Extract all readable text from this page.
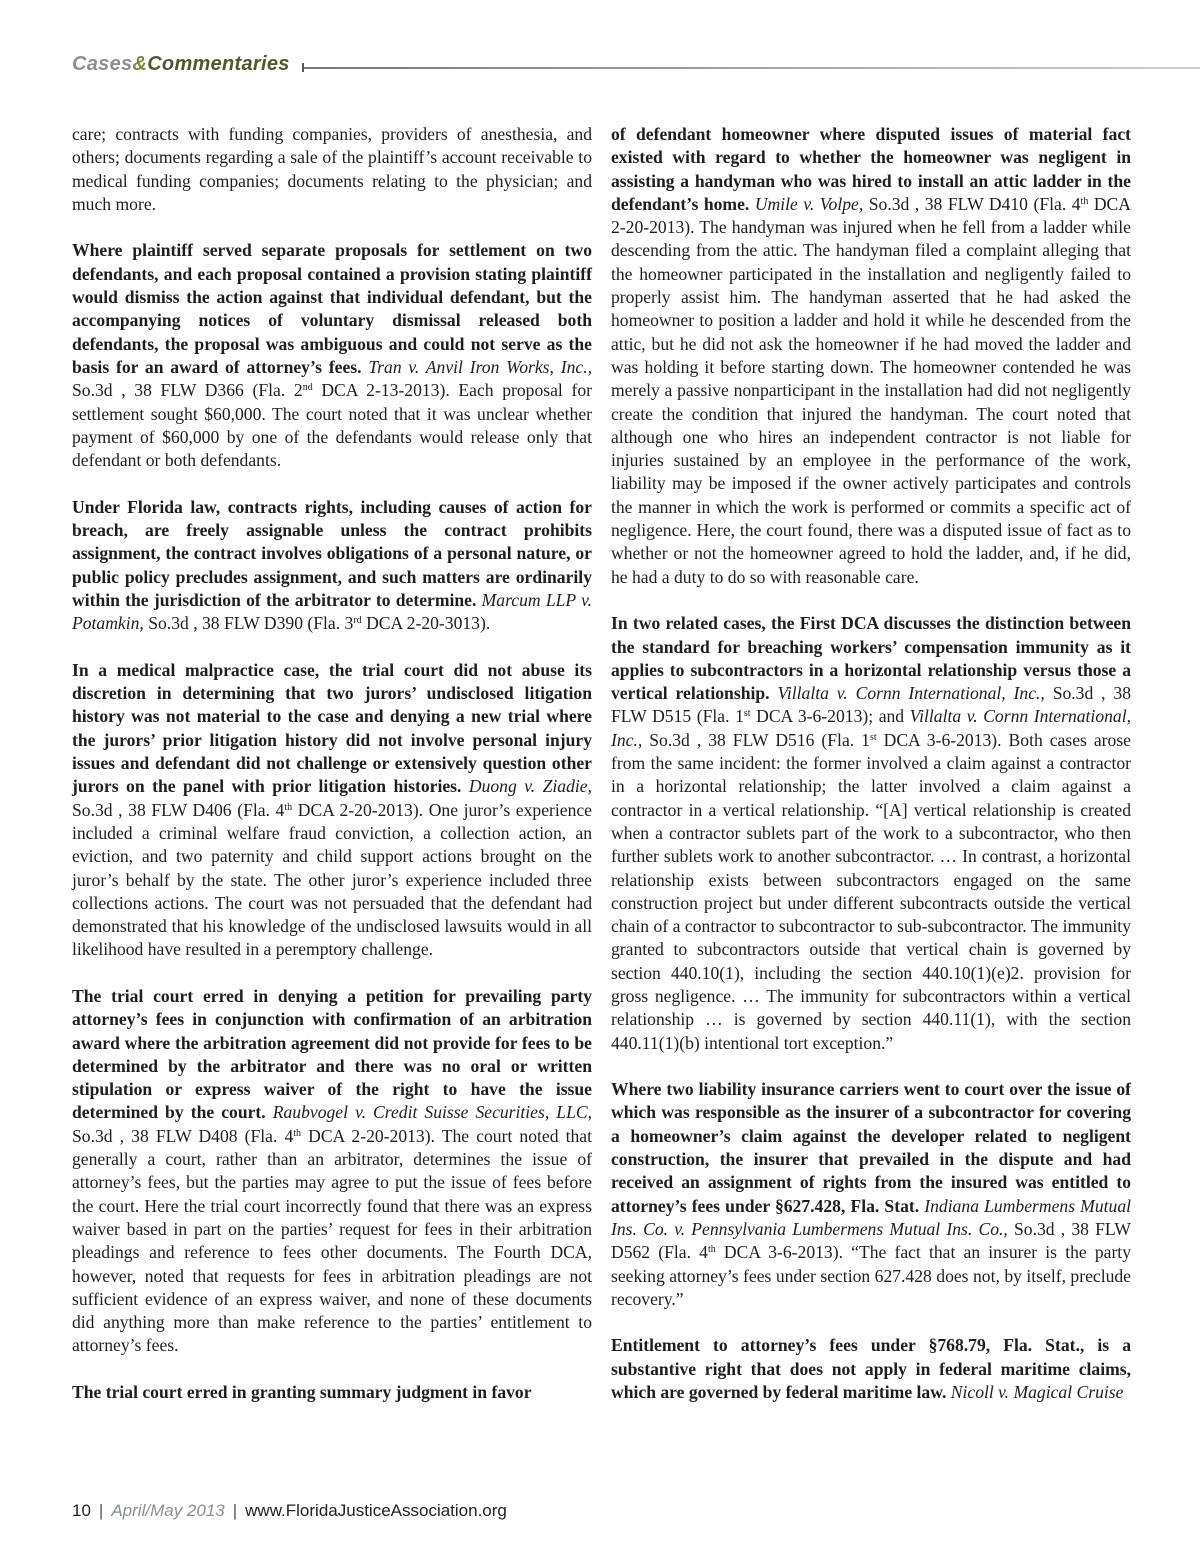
Cases&Commentaries

care; contracts with funding companies, providers of anesthesia, and others; documents regarding a sale of the plaintiff’s account receivable to medical funding companies; documents relating to the physician; and much more.

Where plaintiff served separate proposals for settlement on two defendants, and each proposal contained a provision stating plaintiff would dismiss the action against that individual defendant, but the accompanying notices of voluntary dismissal released both defendants, the proposal was ambiguous and could not serve as the basis for an award of attorney’s fees. Tran v. Anvil Iron Works, Inc., So.3d , 38 FLW D366 (Fla. 2nd DCA 2-13-2013). Each proposal for settlement sought $60,000. The court noted that it was unclear whether payment of $60,000 by one of the defendants would release only that defendant or both defendants.

Under Florida law, contracts rights, including causes of action for breach, are freely assignable unless the contract prohibits assignment, the contract involves obligations of a personal nature, or public policy precludes assignment, and such matters are ordinarily within the jurisdiction of the arbitrator to determine. Marcum LLP v. Potamkin, So.3d , 38 FLW D390 (Fla. 3rd DCA 2-20-3013).

In a medical malpractice case, the trial court did not abuse its discretion in determining that two jurors’ undisclosed litigation history was not material to the case and denying a new trial where the jurors’ prior litigation history did not involve personal injury issues and defendant did not challenge or extensively question other jurors on the panel with prior litigation histories. Duong v. Ziadie, So.3d , 38 FLW D406 (Fla. 4th DCA 2-20-2013). One juror’s experience included a criminal welfare fraud conviction, a collection action, an eviction, and two paternity and child support actions brought on the juror’s behalf by the state. The other juror’s experience included three collections actions. The court was not persuaded that the defendant had demonstrated that his knowledge of the undisclosed lawsuits would in all likelihood have resulted in a peremptory challenge.

The trial court erred in denying a petition for prevailing party attorney’s fees in conjunction with confirmation of an arbitration award where the arbitration agreement did not provide for fees to be determined by the arbitrator and there was no oral or written stipulation or express waiver of the right to have the issue determined by the court. Raubvogel v. Credit Suisse Securities, LLC, So.3d , 38 FLW D408 (Fla. 4th DCA 2-20-2013). The court noted that generally a court, rather than an arbitrator, determines the issue of attorney’s fees, but the parties may agree to put the issue of fees before the court. Here the trial court incorrectly found that there was an express waiver based in part on the parties’ request for fees in their arbitration pleadings and reference to fees other documents. The Fourth DCA, however, noted that requests for fees in arbitration pleadings are not sufficient evidence of an express waiver, and none of these documents did anything more than make reference to the parties’ entitlement to attorney’s fees.

The trial court erred in granting summary judgment in favor

of defendant homeowner where disputed issues of material fact existed with regard to whether the homeowner was negligent in assisting a handyman who was hired to install an attic ladder in the defendant’s home. Umile v. Volpe, So.3d , 38 FLW D410 (Fla. 4th DCA 2-20-2013). The handyman was injured when he fell from a ladder while descending from the attic. The handyman filed a complaint alleging that the homeowner participated in the installation and negligently failed to properly assist him. The handyman asserted that he had asked the homeowner to position a ladder and hold it while he descended from the attic, but he did not ask the homeowner if he had moved the ladder and was holding it before starting down. The homeowner contended he was merely a passive nonparticipant in the installation had did not negligently create the condition that injured the handyman. The court noted that although one who hires an independent contractor is not liable for injuries sustained by an employee in the performance of the work, liability may be imposed if the owner actively participates and controls the manner in which the work is performed or commits a specific act of negligence. Here, the court found, there was a disputed issue of fact as to whether or not the homeowner agreed to hold the ladder, and, if he did, he had a duty to do so with reasonable care.

In two related cases, the First DCA discusses the distinction between the standard for breaching workers’ compensation immunity as it applies to subcontractors in a horizontal relationship versus those a vertical relationship. Villalta v. Cornn International, Inc., So.3d , 38 FLW D515 (Fla. 1st DCA 3-6-2013); and Villalta v. Cornn International, Inc., So.3d , 38 FLW D516 (Fla. 1st DCA 3-6-2013). Both cases arose from the same incident: the former involved a claim against a contractor in a horizontal relationship; the latter involved a claim against a contractor in a vertical relationship. “[A] vertical relationship is created when a contractor sublets part of the work to a subcontractor, who then further sublets work to another subcontractor. … In contrast, a horizontal relationship exists between subcontractors engaged on the same construction project but under different subcontracts outside the vertical chain of a contractor to subcontractor to sub-subcontractor. The immunity granted to subcontractors outside that vertical chain is governed by section 440.10(1), including the section 440.10(1)(e)2. provision for gross negligence. … The immunity for subcontractors within a vertical relationship … is governed by section 440.11(1), with the section 440.11(1)(b) intentional tort exception.”

Where two liability insurance carriers went to court over the issue of which was responsible as the insurer of a subcontractor for covering a homeowner’s claim against the developer related to negligent construction, the insurer that prevailed in the dispute and had received an assignment of rights from the insured was entitled to attorney’s fees under §627.428, Fla. Stat. Indiana Lumbermens Mutual Ins. Co. v. Pennsylvania Lumbermens Mutual Ins. Co., So.3d , 38 FLW D562 (Fla. 4th DCA 3-6-2013). “The fact that an insurer is the party seeking attorney’s fees under section 627.428 does not, by itself, preclude recovery.”

Entitlement to attorney’s fees under §768.79, Fla. Stat., is a substantive right that does not apply in federal maritime claims, which are governed by federal maritime law. Nicoll v. Magical Cruise

10 | April/May 2013 | www.FloridaJusticeAssociation.org
